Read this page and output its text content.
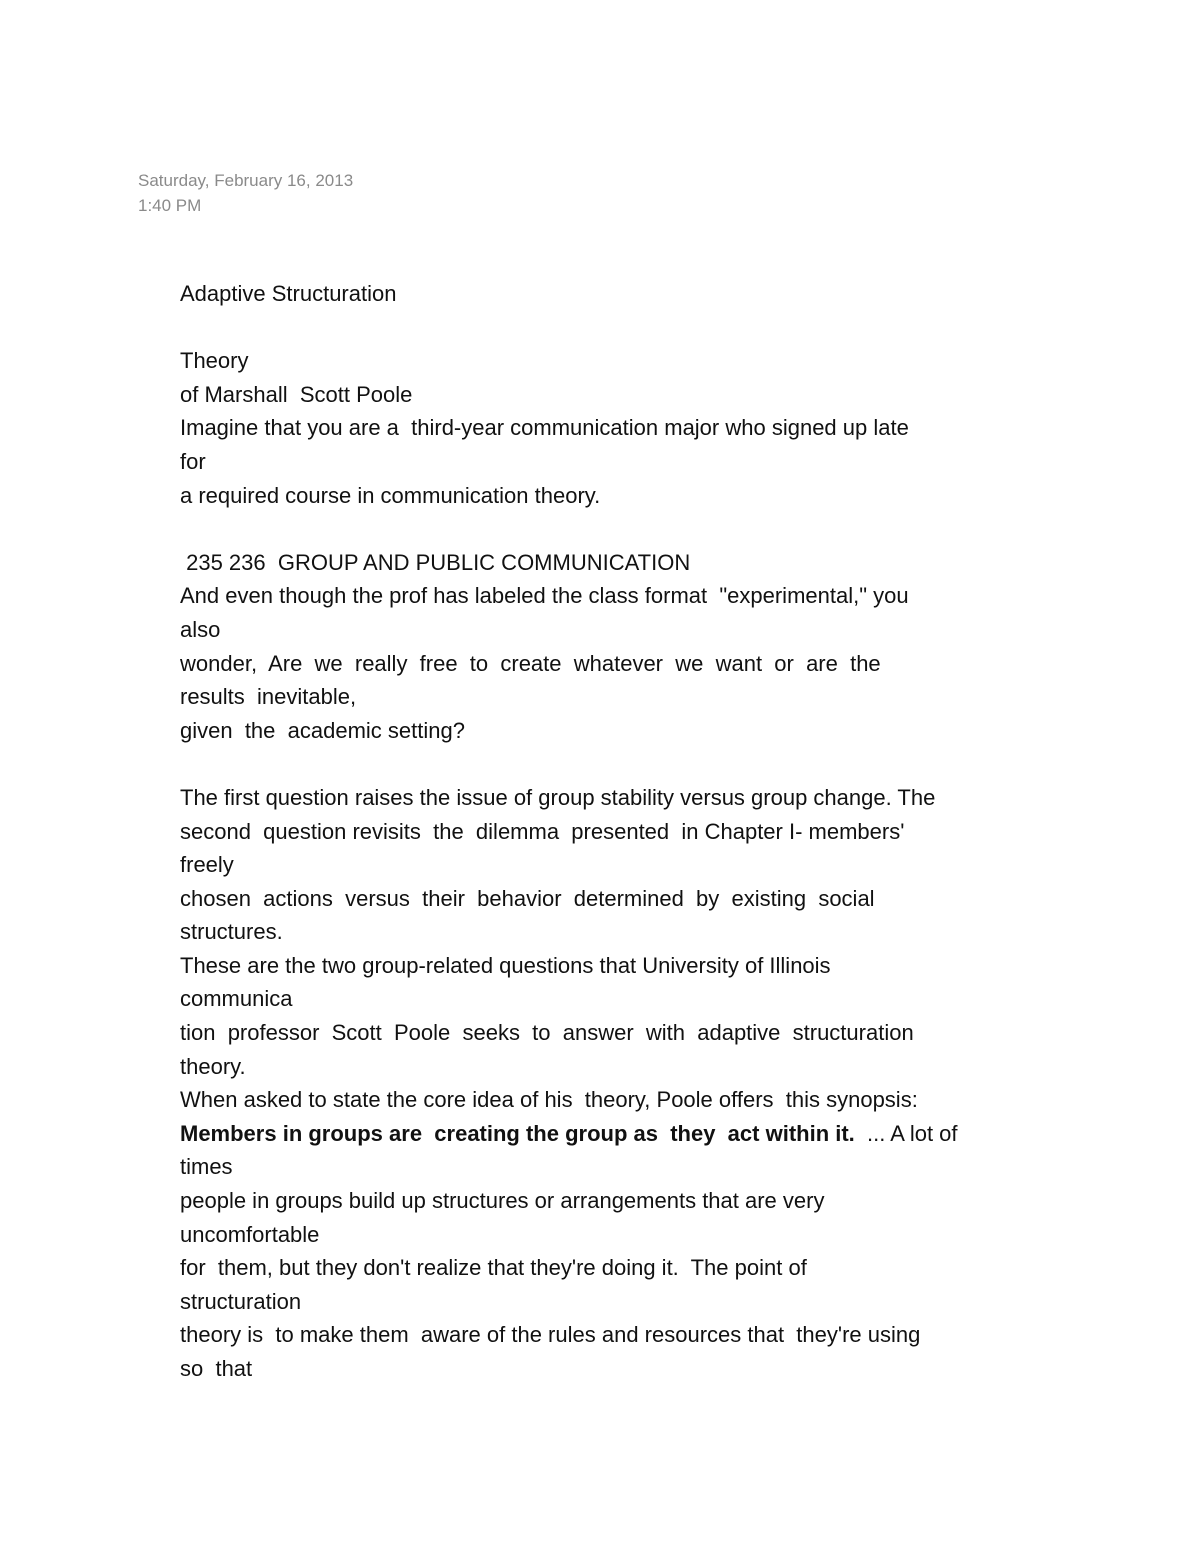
Saturday, February 16, 2013
1:40 PM
Adaptive Structuration
Theory
of Marshall  Scott Poole
Imagine that you are a  third-year communication major who signed up late
for
a required course in communication theory.
235 236  GROUP AND PUBLIC COMMUNICATION
And even though the prof has labeled the class format  "experimental," you
also
wonder,  Are  we  really  free  to  create  whatever  we  want  or  are  the
results  inevitable,
given  the  academic setting?
The first question raises the issue of group stability versus group change. The
second  question revisits  the  dilemma  presented  in Chapter I- members'
freely
chosen  actions  versus  their  behavior  determined  by  existing  social
structures.
These are the two group-related questions that University of Illinois
communica
tion  professor  Scott  Poole  seeks  to  answer  with  adaptive  structuration
theory.
When asked to state the core idea of his  theory, Poole offers  this synopsis:
Members in groups are  creating the group as  they  act within it.  ... A lot of
times
people in groups build up structures or arrangements that are very
uncomfortable
for  them, but they don't realize that they're doing it.  The point of
structuration
theory is  to make them  aware of the rules and resources that  they're using
so  that
